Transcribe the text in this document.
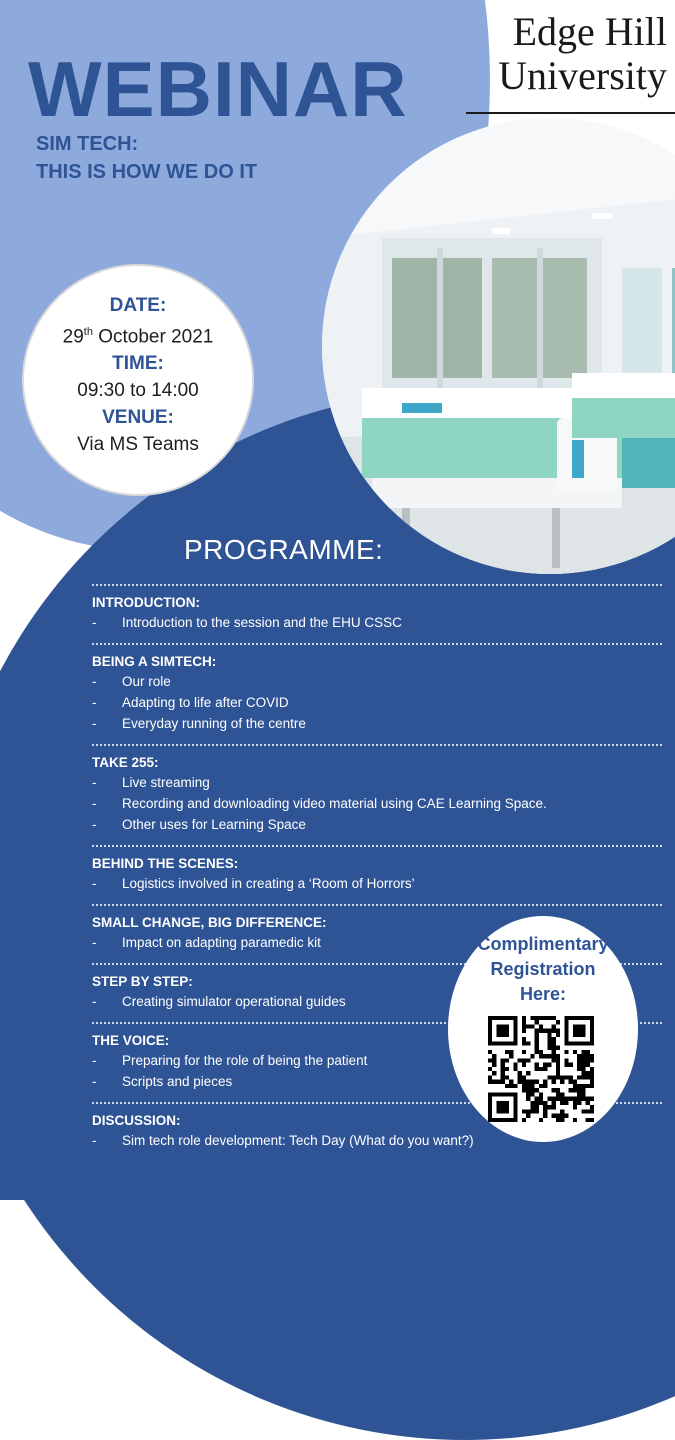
Edge Hill
University
WEBINAR
SIM TECH:
THIS IS HOW WE DO IT
DATE:
29th October 2021
TIME:
09:30 to 14:00
VENUE:
Via MS Teams
PROGRAMME:
INTRODUCTION:
-	Introduction to the session and the EHU CSSC
BEING A SIMTECH:
-	Our role
-	Adapting to life after COVID
-	Everyday running of the centre
TAKE 255:
-	Live streaming
-	Recording and downloading video material using CAE Learning Space.
-	Other uses for Learning Space
BEHIND THE SCENES:
-	Logistics involved in creating a ‘Room of Horrors’
SMALL CHANGE, BIG DIFFERENCE:
-	Impact on adapting paramedic kit
STEP BY STEP:
-	Creating simulator operational guides
THE VOICE:
-	Preparing for the role of being the patient
-	Scripts and pieces
DISCUSSION:
-	Sim tech role development: Tech Day (What do you want?)
Complimentary
Registration
Here:
